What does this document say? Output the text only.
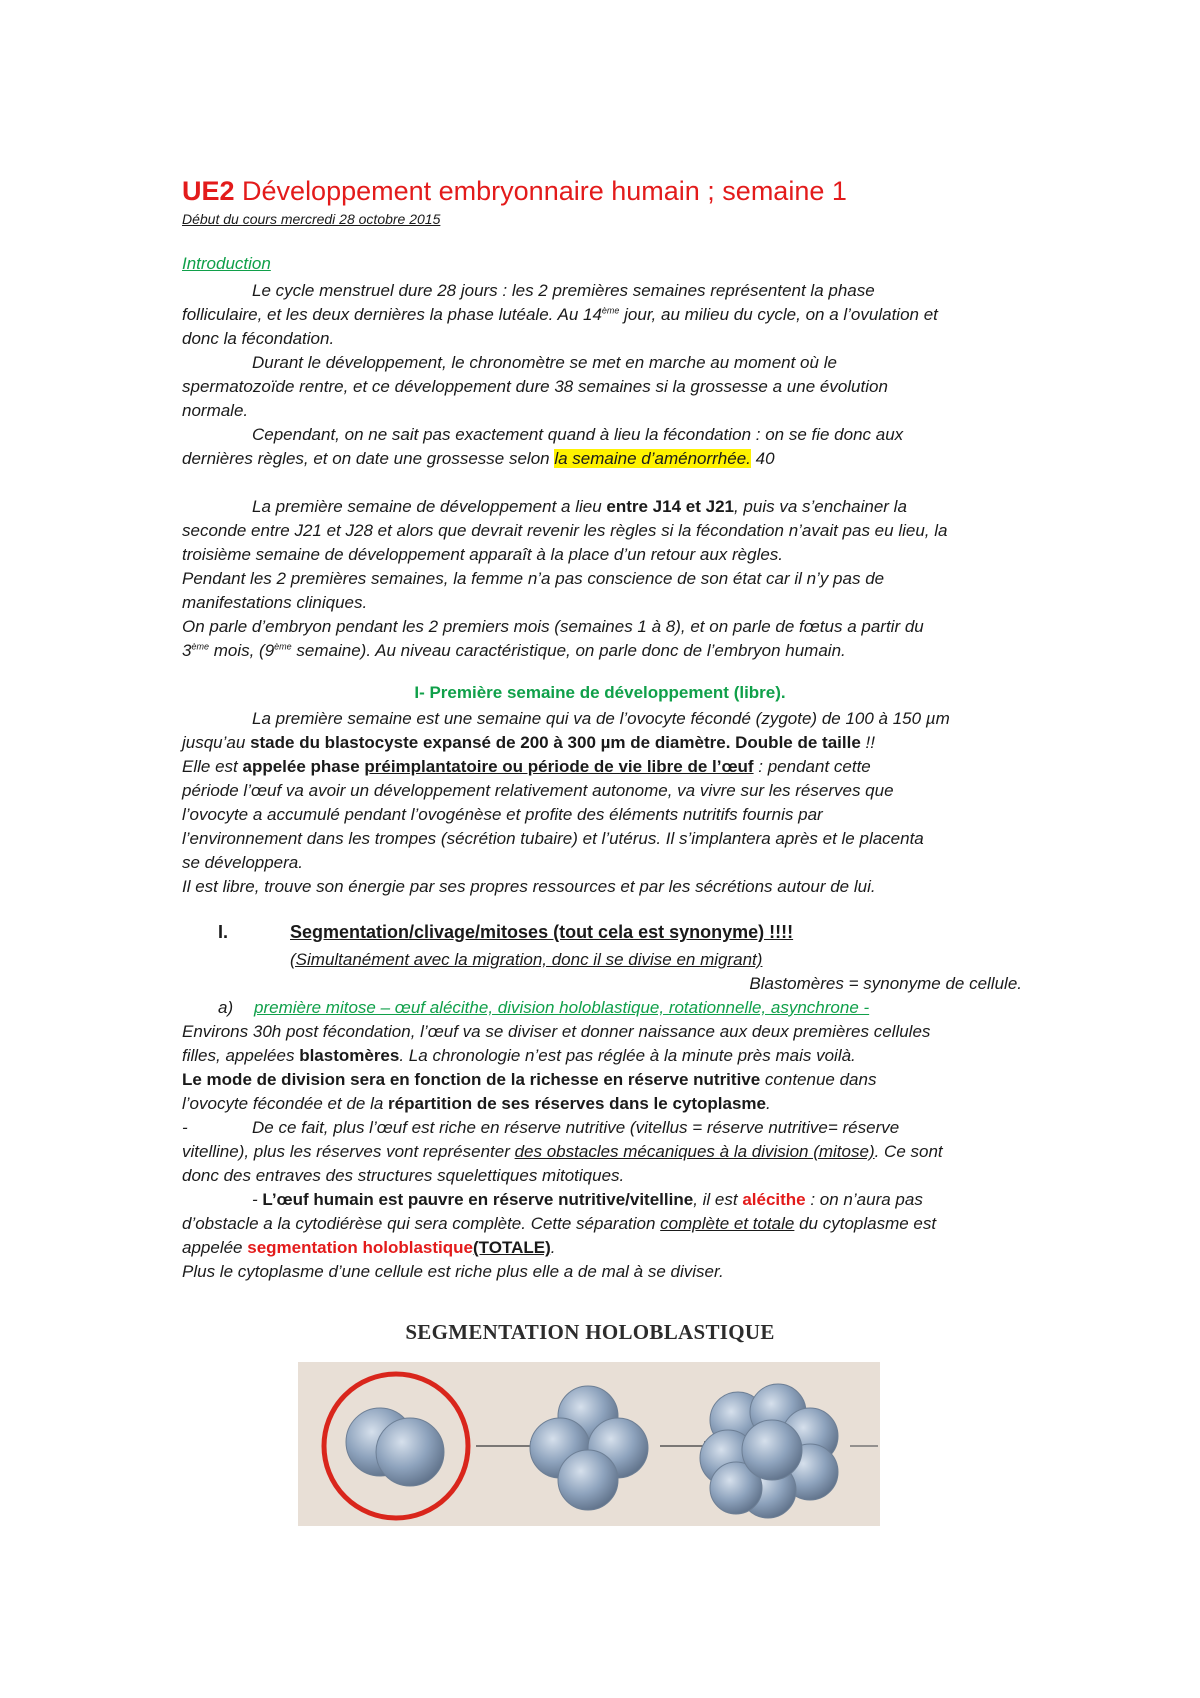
UE2 Développement embryonnaire humain ; semaine 1
Début du cours mercredi 28 octobre 2015
Introduction
Le cycle menstruel dure 28 jours : les 2 premières semaines représentent la phase
folliculaire, et les deux dernières la phase lutéale. Au 14ème jour, au milieu du cycle, on a l’ovulation et
donc la fécondation.
Durant le développement, le chronomètre se met en marche au moment où le
spermatozoïde rentre, et ce développement dure 38 semaines si la grossesse a une évolution
normale.
Cependant, on ne sait pas exactement quand à lieu la fécondation : on se fie donc aux
dernières règles, et on date une grossesse selon la semaine d’aménorrhée. 40
La première semaine de développement a lieu entre J14 et J21, puis va s’enchainer la
seconde entre J21 et J28 et alors que devrait revenir les règles si la fécondation n’avait pas eu lieu, la
troisième semaine de développement apparaît à la place d’un retour aux règles.
Pendant les 2 premières semaines, la femme n’a pas conscience de son état car il n’y pas de
manifestations cliniques.
On parle d’embryon pendant les 2 premiers mois (semaines 1 à 8), et on parle de fœtus a partir du
3ème mois, (9ème semaine). Au niveau caractéristique, on parle donc de l’embryon humain.
I- Première semaine de développement (libre).
La première semaine est une semaine qui va de l’ovocyte fécondé (zygote) de 100 à 150 µm
jusqu’au stade du blastocyste expansé de 200 à 300 µm de diamètre. Double de taille !!
Elle est appelée phase préimplantatoire ou période de vie libre de l’œuf : pendant cette
période l’œuf va avoir un développement relativement autonome, va vivre sur les réserves que
l’ovocyte a accumulé pendant l’ovogénèse et profite des éléments nutritifs fournis par
l’environnement dans les trompes (sécrétion tubaire) et l’utérus. Il s’implantera après et le placenta
se développera.
Il est libre, trouve son énergie par ses propres ressources et par les sécrétions autour de lui.
I.	Segmentation/clivage/mitoses (tout cela est synonyme) !!!!
(Simultanément avec la migration, donc il se divise en migrant)
Blastomères = synonyme de cellule.
a) première mitose – œuf alécithe, division holoblastique, rotationnelle, asynchrone -
Environs 30h post fécondation, l’œuf va se diviser et donner naissance aux deux premières cellules
filles, appelées blastomères. La chronologie n’est pas réglée à la minute près mais voilà.
Le mode de division sera en fonction de la richesse en réserve nutritive contenue dans
l’ovocyte fécondée et de la répartition de ses réserves dans le cytoplasme.
-	De ce fait, plus l’œuf est riche en réserve nutritive (vitellus = réserve nutritive= réserve
vitelline), plus les réserves vont représenter des obstacles mécaniques à la division (mitose). Ce sont
donc des entraves des structures squelettiques mitotiques.
- L’œuf humain est pauvre en réserve nutritive/vitelline, il est alécithe : on n’aura pas
d’obstacle a la cytodiérèse qui sera complète. Cette séparation complète et totale du cytoplasme est
appelée segmentation holoblastique(TOTALE).
Plus le cytoplasme d’une cellule est riche plus elle a de mal à se diviser.
SEGMENTATION HOLOBLASTIQUE
